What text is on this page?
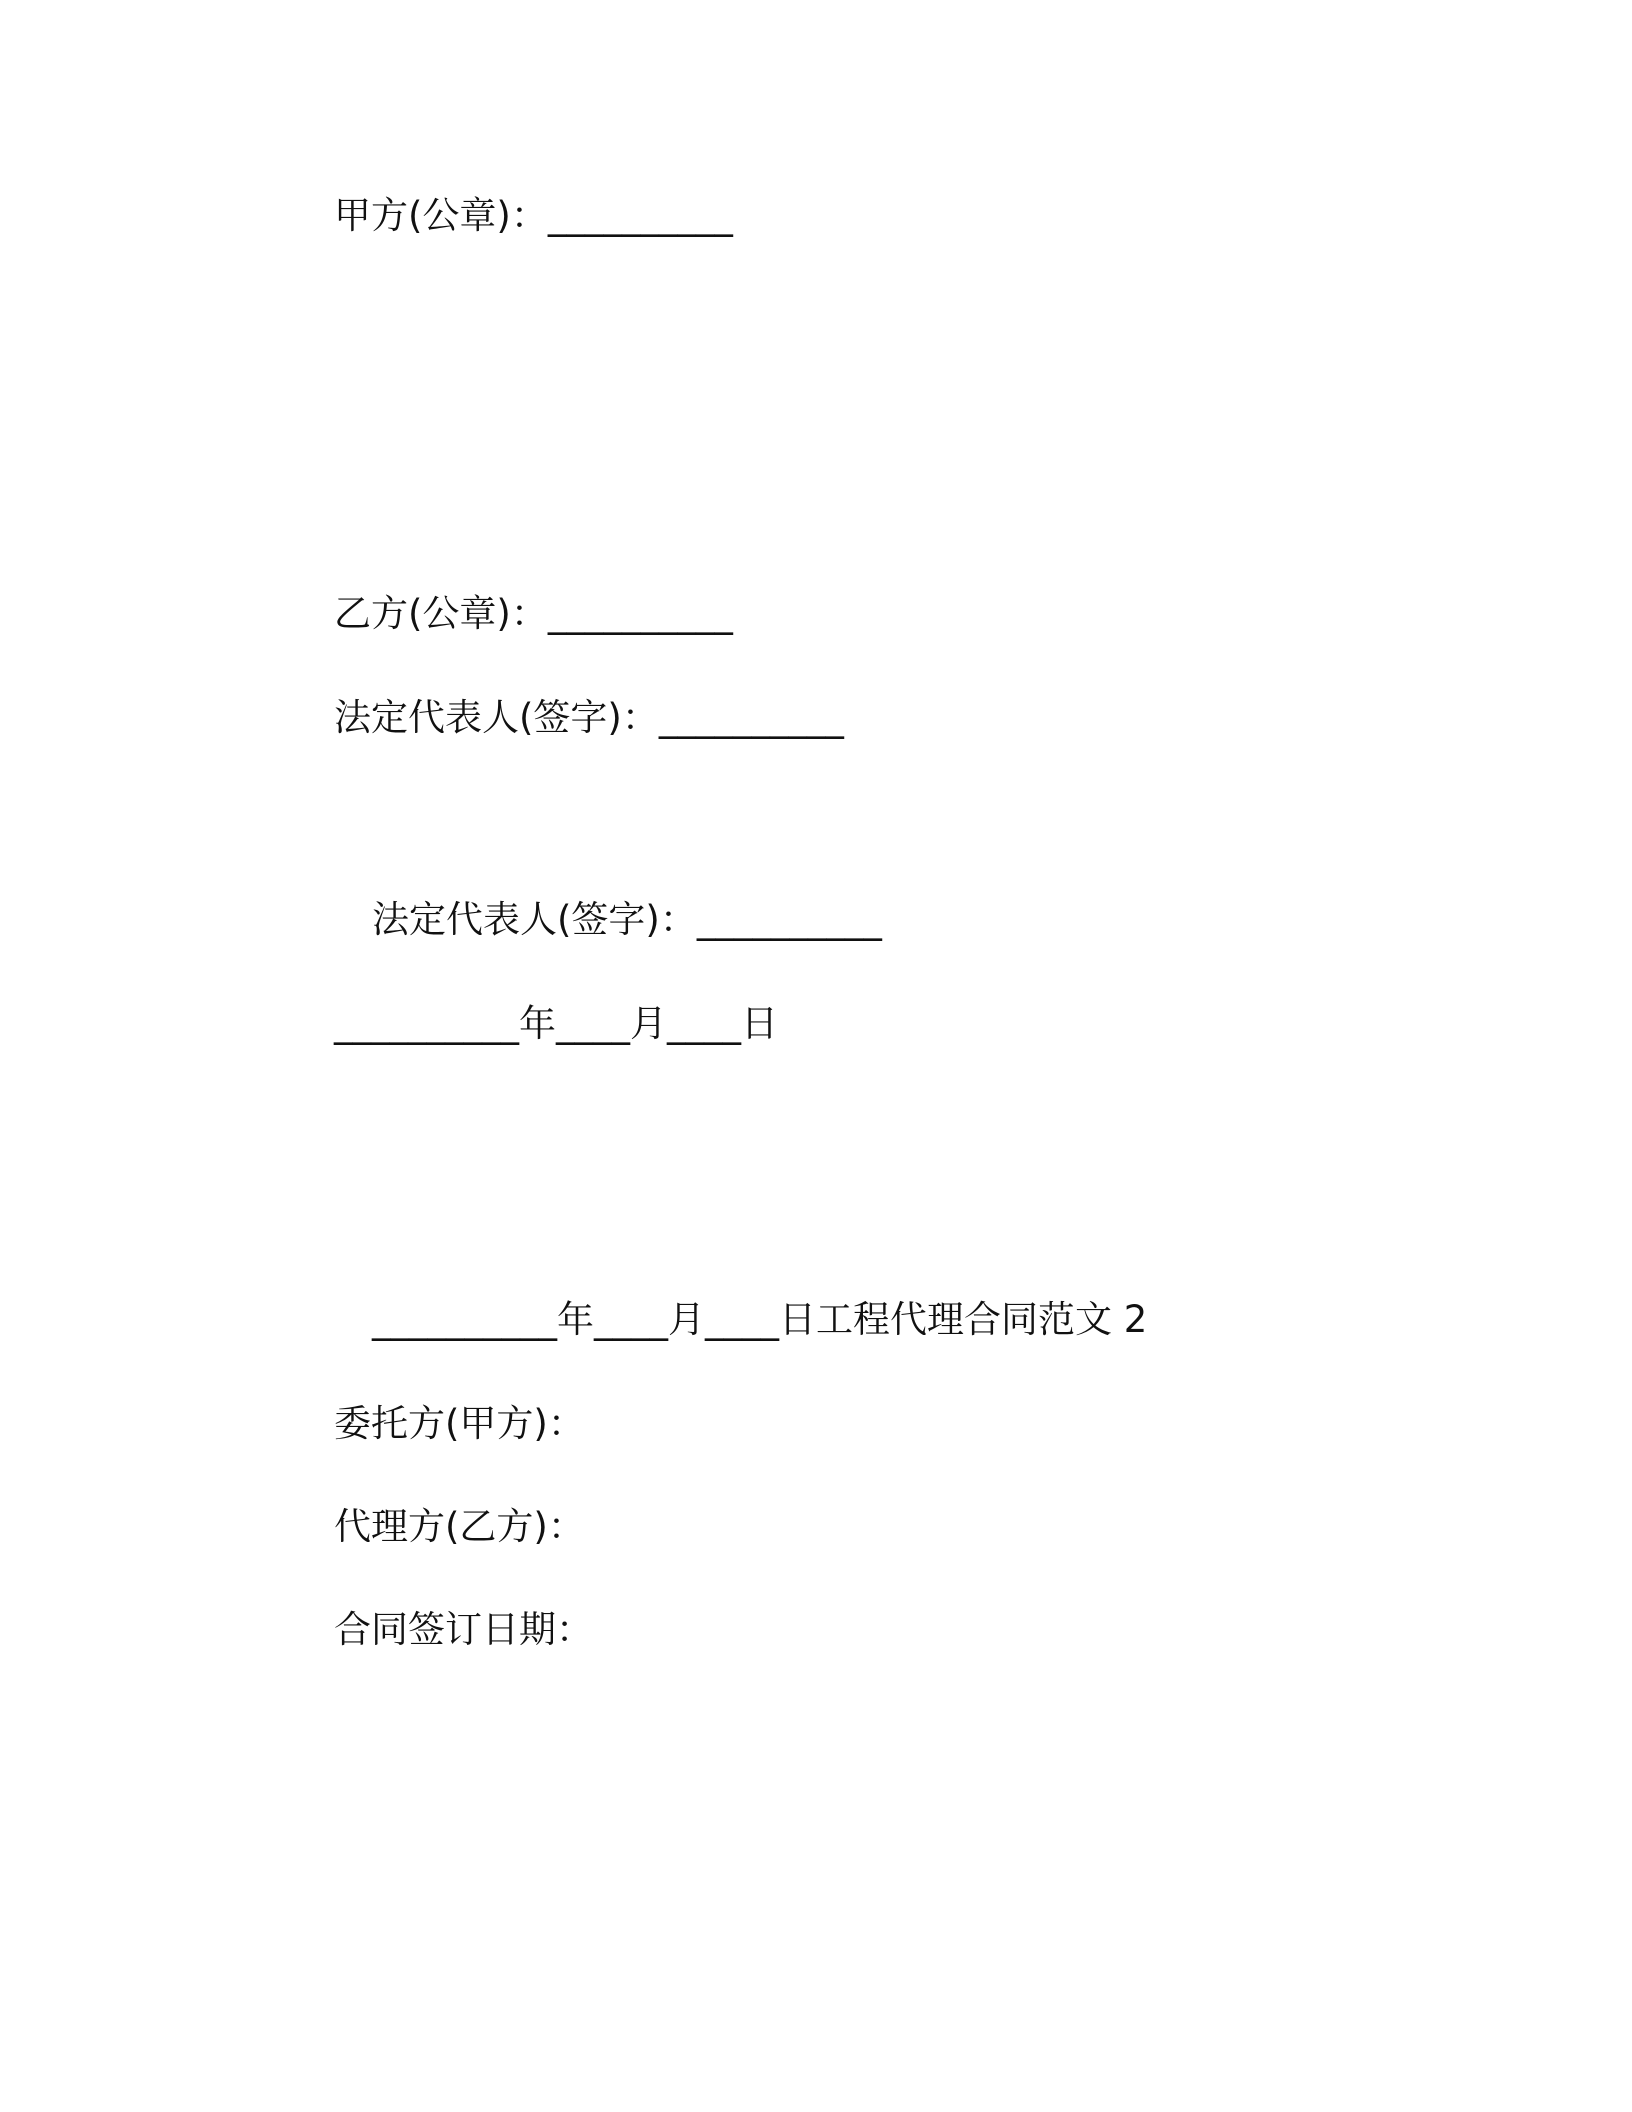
甲方(公章)：__________
乙方(公章)：__________
法定代表人(签字)：__________
法定代表人(签字)：__________
__________年____月____日
__________年____月____日工程代理合同范文 2
委托方(甲方)：
代理方(乙方)：
合同签订日期：
